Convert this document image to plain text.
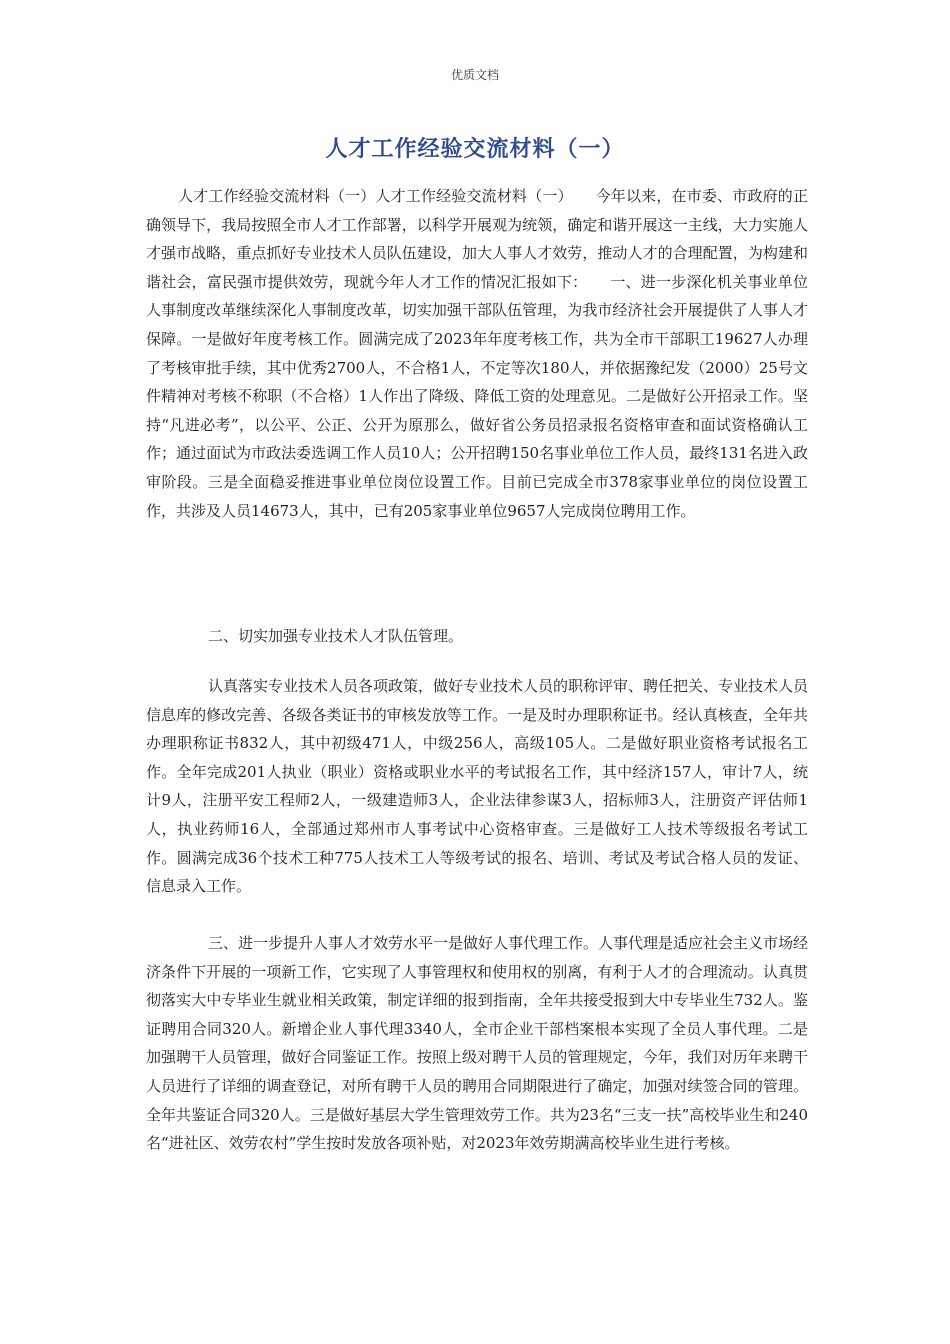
优质文档
人才工作经验交流材料（一）

人才工作经验交流材料（一）人才工作经验交流材料（一）　　今年以来，在市委、市政府的正确领导下，我局按照全市人才工作部署，以科学开展观为统领，确定和谐开展这一主线，大力实施人才强市战略，重点抓好专业技术人员队伍建设，加大人事人才效劳，推动人才的合理配置，为构建和谐社会，富民强市提供效劳，现就今年人才工作的情况汇报如下：　　一、进一步深化机关事业单位人事制度改革继续深化人事制度改革，切实加强干部队伍管理，为我市经济社会开展提供了人事人才保障。一是做好年度考核工作。圆满完成了2023年年度考核工作，共为全市干部职工19627人办理了考核审批手续，其中优秀2700人，不合格1人，不定等次180人，并依据豫纪发（2000）25号文件精神对考核不称职（不合格）1人作出了降级、降低工资的处理意见。二是做好公开招录工作。坚持“凡进必考”，以公平、公正、公开为原那么，做好省公务员招录报名资格审查和面试资格确认工作；通过面试为市政法委选调工作人员10人；公开招聘150名事业单位工作人员，最终131名进入政审阶段。三是全面稳妥推进事业单位岗位设置工作。目前已完成全市378家事业单位的岗位设置工作，共涉及人员14673人，其中，已有205家事业单位9657人完成岗位聘用工作。

二、切实加强专业技术人才队伍管理。

认真落实专业技术人员各项政策，做好专业技术人员的职称评审、聘任把关、专业技术人员信息库的修改完善、各级各类证书的审核发放等工作。一是及时办理职称证书。经认真核查，全年共办理职称证书832人，其中初级471人，中级256人，高级105人。二是做好职业资格考试报名工作。全年完成201人执业（职业）资格或职业水平的考试报名工作，其中经济157人，审计7人，统计9人，注册平安工程师2人，一级建造师3人，企业法律参谋3人，招标师3人，注册资产评估师1人，执业药师16人，全部通过郑州市人事考试中心资格审查。三是做好工人技术等级报名考试工作。圆满完成36个技术工种775人技术工人等级考试的报名、培训、考试及考试合格人员的发证、信息录入工作。

三、进一步提升人事人才效劳水平一是做好人事代理工作。人事代理是适应社会主义市场经济条件下开展的一项新工作，它实现了人事管理权和使用权的别离，有利于人才的合理流动。认真贯彻落实大中专毕业生就业相关政策，制定详细的报到指南，全年共接受报到大中专毕业生732人。鉴证聘用合同320人。新增企业人事代理3340人，全市企业干部档案根本实现了全员人事代理。二是加强聘干人员管理，做好合同鉴证工作。按照上级对聘干人员的管理规定，今年，我们对历年来聘干人员进行了详细的调查登记，对所有聘干人员的聘用合同期限进行了确定，加强对续签合同的管理。全年共鉴证合同320人。三是做好基层大学生管理效劳工作。共为23名“三支一扶”高校毕业生和240名“进社区、效劳农村”学生按时发放各项补贴，对2023年效劳期满高校毕业生进行考核。
